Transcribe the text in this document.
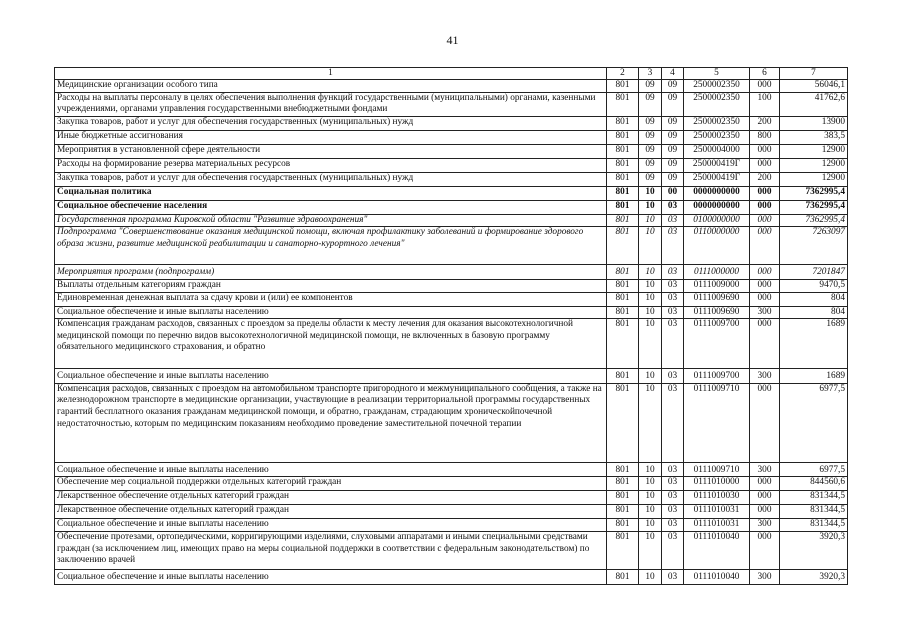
41
1	2	3	4	5	6	7
Медицинские организации особого типа	801	09	09	2500002350	000	56046,1
Расходы на выплаты персоналу в целях обеспечения выполнения функций государственными (муниципальными) органами, казенными учреждениями, органами управления государственными внебюджетными фондами	801	09	09	2500002350	100	41762,6
Закупка товаров, работ и услуг для обеспечения государственных (муниципальных) нужд	801	09	09	2500002350	200	13900
Иные бюджетные ассигнования	801	09	09	2500002350	800	383,5
Мероприятия в установленной сфере деятельности	801	09	09	2500004000	000	12900
Расходы на формирование резерва материальных ресурсов	801	09	09	250000419Г	000	12900
Закупка товаров, работ и услуг для обеспечения государственных (муниципальных) нужд	801	09	09	250000419Г	200	12900
Социальная политика	801	10	00	0000000000	000	7362995,4
Социальное обеспечение населения	801	10	03	0000000000	000	7362995,4
Государственная программа Кировской области "Развитие здравоохранения"	801	10	03	0100000000	000	7362995,4
Подпрограмма "Совершенствование оказания медицинской помощи, включая профилактику заболеваний и формирование здорового образа жизни, развитие медицинской реабилитации и санаторно-курортного лечения"	801	10	03	0110000000	000	7263097
Мероприятия программ (подпрограмм)	801	10	03	0111000000	000	7201847
Выплаты отдельным категориям граждан	801	10	03	0111009000	000	9470,5
Единовременная денежная выплата за сдачу крови и (или) ее компонентов	801	10	03	0111009690	000	804
Социальное обеспечение и иные выплаты населению	801	10	03	0111009690	300	804
Компенсация гражданам расходов, связанных с проездом за пределы области к месту лечения для оказания высокотехнологичной медицинской помощи по перечню видов высокотехнологичной медицинской помощи, не включенных в базовую программу обязательного медицинского страхования, и обратно	801	10	03	0111009700	000	1689
Социальное обеспечение и иные выплаты населению	801	10	03	0111009700	300	1689
Компенсация расходов, связанных с проездом на автомобильном транспорте пригородного и межмуниципального сообщения, а также на железнодорожном транспорте в медицинские организации, участвующие в реализации территориальной программы государственных гарантий бесплатного оказания гражданам медицинской помощи, и обратно, гражданам, страдающим хроническойпочечной недостаточностью, которым по медицинским показаниям необходимо проведение заместительной почечной терапии	801	10	03	0111009710	000	6977,5
Социальное обеспечение и иные выплаты населению	801	10	03	0111009710	300	6977,5
Обеспечение мер социальной поддержки отдельных категорий граждан	801	10	03	0111010000	000	844560,6
Лекарственное обеспечение отдельных категорий граждан	801	10	03	0111010030	000	831344,5
Лекарственное обеспечение отдельных категорий граждан	801	10	03	0111010031	000	831344,5
Социальное обеспечение и иные выплаты населению	801	10	03	0111010031	300	831344,5
Обеспечение протезами, ортопедическими, корригирующими изделиями, слуховыми аппаратами и иными специальными средствами граждан (за исключением лиц, имеющих право на меры социальной поддержки в соответствии с федеральным законодательством) по заключению врачей	801	10	03	0111010040	000	3920,3
Социальное обеспечение и иные выплаты населению	801	10	03	0111010040	300	3920,3
